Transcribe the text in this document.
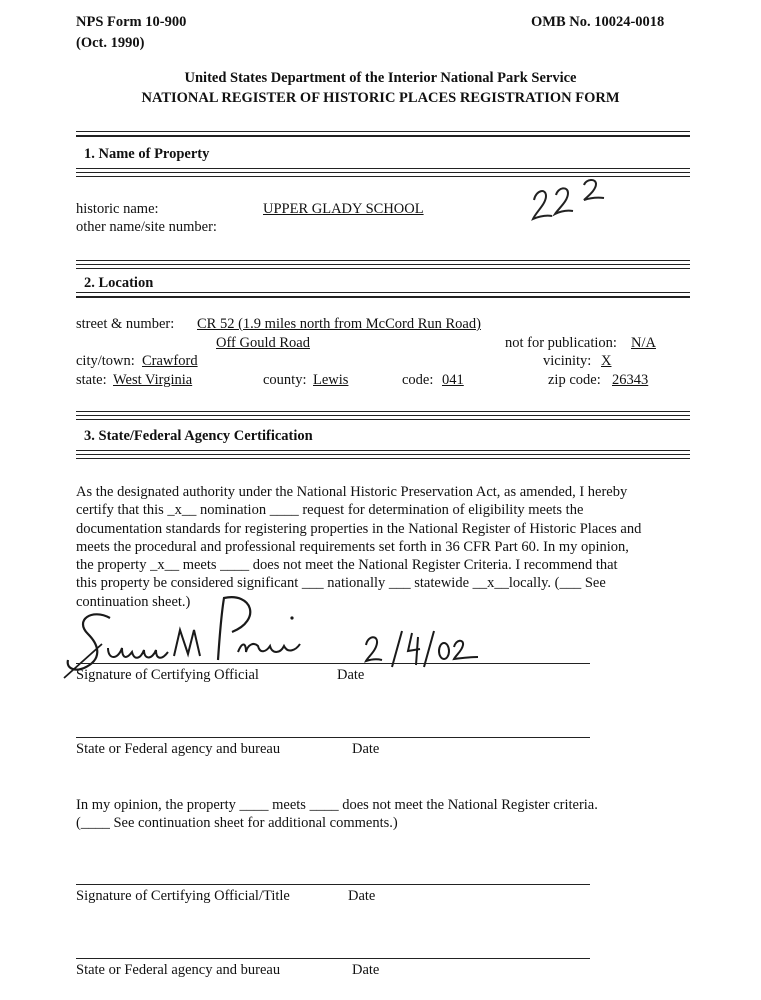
NPS Form 10-900
(Oct. 1990)
OMB No. 10024-0018
United States Department of the Interior National Park Service
NATIONAL REGISTER OF HISTORIC PLACES REGISTRATION FORM
1. Name of Property
historic name:	UPPER GLADY SCHOOL
other name/site number:
2. Location
street & number: CR 52 (1.9 miles north from McCord Run Road)
Off Gould Road	not for publication: N/A
city/town: Crawford	vicinity: X
state: West Virginia	county: Lewis	code: 041	zip code: 26343
3. State/Federal Agency Certification
As the designated authority under the National Historic Preservation Act, as amended, I hereby
certify that this _x__ nomination ____ request for determination of eligibility meets the
documentation standards for registering properties in the National Register of Historic Places and
meets the procedural and professional requirements set forth in 36 CFR Part 60. In my opinion,
the property _x__ meets ____ does not meet the National Register Criteria. I recommend that
this property be considered significant ___ nationally ___ statewide __x__locally. (___ See
continuation sheet.)
Signature of Certifying Official	Date
State or Federal agency and bureau	Date
In my opinion, the property ____ meets ____ does not meet the National Register criteria.
(____ See continuation sheet for additional comments.)
Signature of Certifying Official/Title	Date
State or Federal agency and bureau	Date
